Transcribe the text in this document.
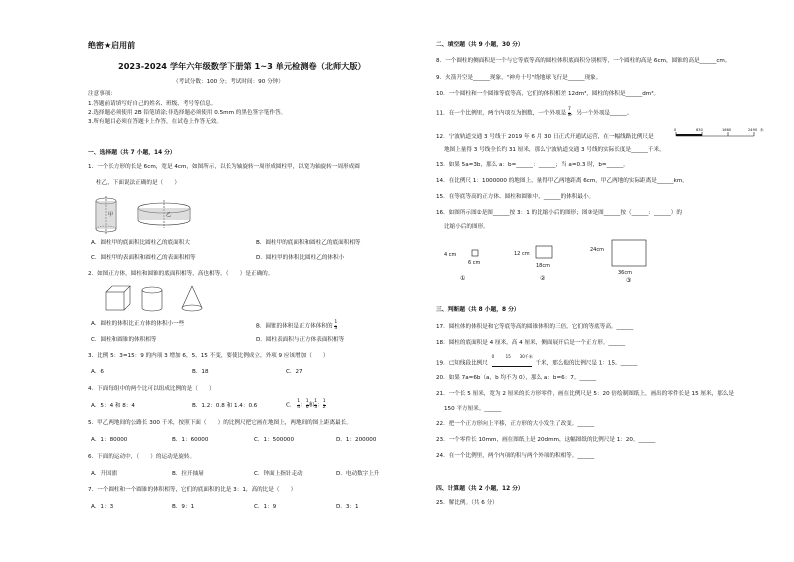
绝密★启用前
2023-2024 学年六年级数学下册第 1~3 单元检测卷（北师大版）
（考试分数：100 分；考试时间：90 分钟）
注意事项：
1.答题前请填写好自己的姓名、班级、考号等信息。
2.选择题必须使用 2B 铅笔填涂;非选择题必须使用 0.5mm 的黑色签字笔作答。
3.所有题目必须在答题卡上作答，在试卷上作答无效。
一、选择题（共 7 小题，14 分）
1．一个长方形的长是 6cm，宽是 4cm，如图所示，以长为轴旋转一周形成圆柱甲，以宽为轴旋转一周形成圆
柱乙，下面说法正确的是（　　）
甲	乙
A．圆柱甲的底面积比圆柱乙的底面积大	B．圆柱甲的底面积和圆柱乙的底面积相等
C．圆柱甲的表面积和圆柱乙的表面积相等	D．圆柱甲的体积比圆柱乙的体积小
2．如图正方体，圆柱和圆锥的底面积相等，高也相等。（　　）是正确的。
A．圆柱的体积比正方体的体积小一些	B．圆锥的体积是正方体体积的 $\frac{1}{3}$
C．圆柱和圆锥的体积相等	D．圆柱表面积与正方体表面积相等
3．比例 5：3=15：9 的内项 3 增加 6，5、15 不变，要使比例成立，外项 9 应该增加（　　）
A．6	B．18	C．27
4．下面每组中的两个比可以组成比例的是（　　）
A．5：4 和 8：4	B．1.2：0.8 和 1.4：0.6	C． $\frac{1}{4}$ ： $\frac{1}{6}$ 和 $\frac{1}{3}$ ： $\frac{1}{2}$
5．甲乙两地间的公路长 300 千米，按照下面（　　）的比例尺把它画在地图上，两地间的图上距离最长。
A．1：80000	B．1：60000	C．1：500000	D．1：200000
6．下面的运动中，（　　）的运动是旋转。
A．升国旗	B．拉开抽屉	C．钟面上指针走动	D．电动数字上升
7．一个圆柱和一个圆锥的体积相等，它们的底面积的比是 3：1，高的比是（　　）
A．1：3	B．9：1	C．1：9	D．3：1
二、填空题（共 9 小题，30 分）
8．一个圆柱的侧面积是一个与它等底等高的圆柱体积底面积分别相等，一个圆柱的高是 6cm，圆锥的高是______cm。
9．火箭升空是______现象，"神舟十号"绕地球飞行是______现象。
10．一个圆柱和一个圆锥等底等高，它们的体积相差 12dm³，圆柱的体积是______dm³。
11．在一个比例里，两个内项互为倒数，一个外项是 $\frac{7}{8}$ ，另一个外项是______。
0	830	1660	2490 米
12．宁波轨道交通 3 号线于 2019 年 6 月 30 日正式开通试运营，在一幅线路比例尺是
地图上量得 3 号线全长约 31 厘米，那么宁波轨道交通 3 号线的实际长度是______千米。
13．如果 5a=3b，那么 a：b=______：______；当 a=0.3 时，b=______。
14．在比例尺 1：1000000 的地图上，量得甲乙两地距离 6cm，甲乙两地的实际距离是______km。
15．在等底等高的正方体、圆柱和圆锥中，______的体积最小。
16．如图所示图②是图______按 3：1 的比缩小后的图形；图③是图______按（______：______）的
比缩小后的图形。
4 cm
6 cm
12 cm
18cm
24cm
36cm
①	②	③
三、判断题（共 8 小题，8 分）
17．圆柱体的体积是和它等底等高的圆锥体积的三倍，它们的等底等高。______
18．圆柱的底面积是 4 厘米，高 4 厘米，侧面展开后是一个正方形。______
19．已知线段比例尺
0	15 30千米
千米，那么他的比例尺是 1：15。______
20．如果 7a=6b（a，b 均不为 0），那么 a：b=6：7。______
21．一个长 5 厘米，宽为 2 厘米的长方形零件，画在比例尺是 5：20 倍绘制图纸上，画出的零件长是 15 厘米，那么是
150 平方厘米。______
22．把一个正方形向上平移，正方形的大小发生了改变。______
23．一个零件长 10mm，画在图纸上是 20dmm，这幅图纸的比例尺是 1：20。______
24．在一个比例里，两个内项的积与两个外项的积相等。______
四、计算题（共 2 小题，12 分）
25．解比例。（共 6 分）
